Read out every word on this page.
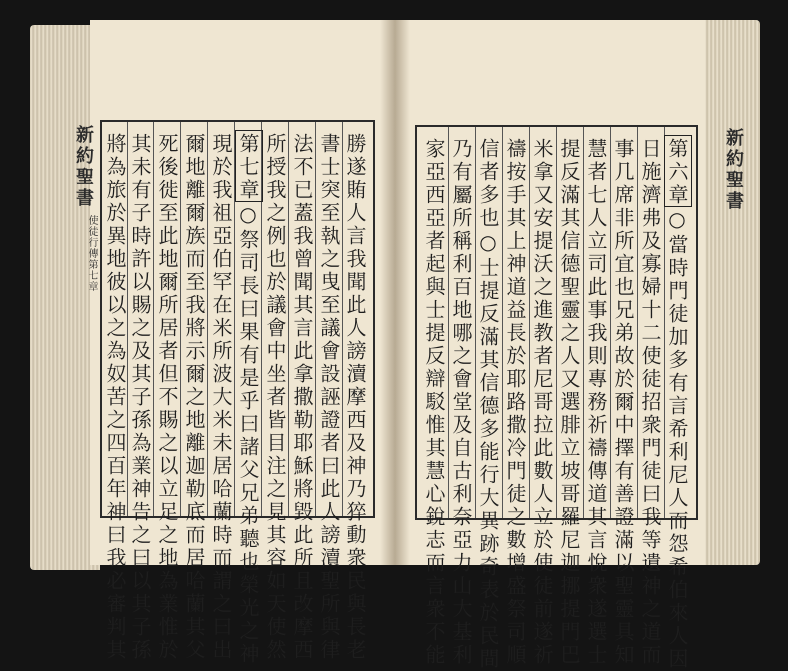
新約聖書
使徒行傳第七章
新約聖書
勝遂賄人言我聞此人謗瀆摩西及神乃猝動衆民與長老
書士突至執之曳至議會設誣證者曰此人謗瀆聖所與律
法不已蓋我曾聞其言此拿撒勒耶穌將毀此所且改摩西
所授我之例也於議會中坐者皆目注之見其容如天使然
第七章○祭司長曰果有是乎曰諸父兄弟聽也榮光之神
現於我祖亞伯罕在米所波大米未居哈蘭時而謂之曰出
爾地離爾族而至我將示爾之地離迦勒底而居哈蘭其父
死後徙至此地爾所居者但不賜之以立足之地為業惟於
其未有子時許以賜之及其子孫為業神告之曰以其子孫
將為旅於異地彼以之為奴苦之四百年神曰我必審判其	第六章○當時門徒加多有言希利尼人而怨希伯來人因
日施濟弗及寡婦十二使徒招衆門徒曰我等遺神之道而
事几席非所宜也兄弟故於爾中擇有善證滿以聖靈具知
慧者七人立司此事我則專務祈禱傳道其言悅衆遂選士
提反滿其信德聖靈之人又選腓立坡哥羅尼迦挪提門巴
米拿又安提沃之進教者尼哥拉此數人立於使徒前遂祈
禱按手其上神道益長於耶路撒冷門徒之數增盛祭司順
信者多也○士提反滿其信德多能行大異跡奇表於民間
乃有屬所稱利百地哪之會堂及自古利奈亞力山大基利
家亞西亞者起與士提反辯駁惟其慧心銳志而言衆不能
